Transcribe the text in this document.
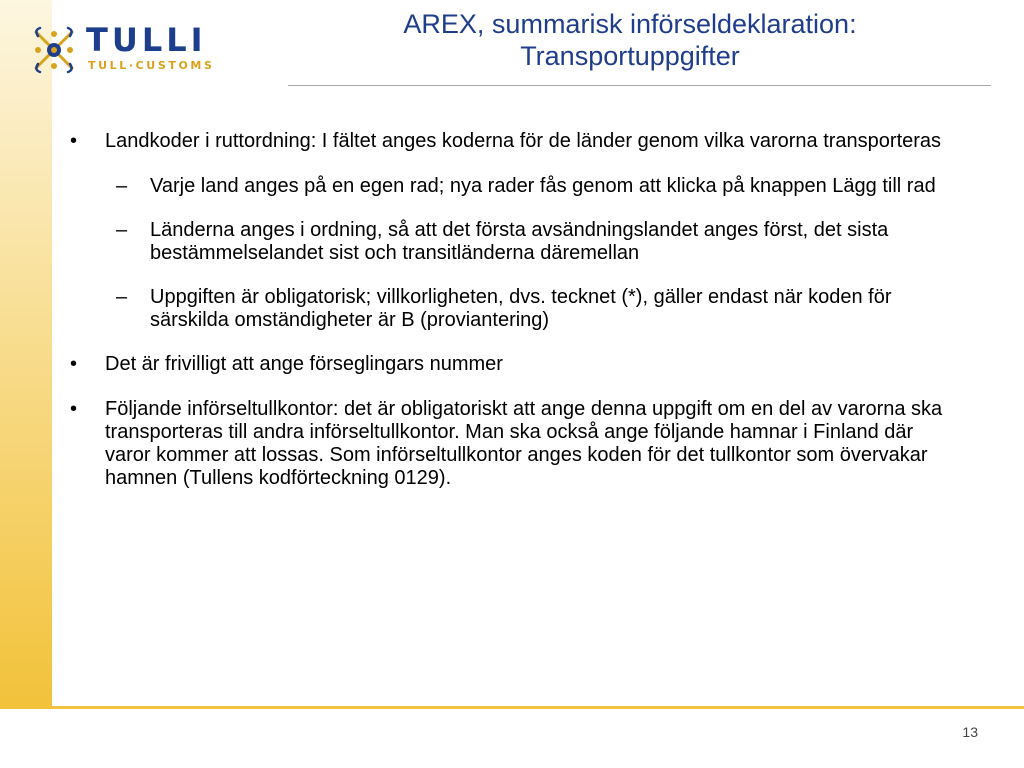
TULLI
TULL·CUSTOMS
AREX, summarisk införseldeklaration:
Transportuppgifter
• Landkoder i ruttordning: I fältet anges koderna för de länder genom vilka varorna transporteras
– Varje land anges på en egen rad; nya rader fås genom att klicka på knappen Lägg till rad
– Länderna anges i ordning, så att det första avsändningslandet anges först, det sista bestämmelselandet sist och transitländerna däremellan
– Uppgiften är obligatorisk; villkorligheten, dvs. tecknet (*), gäller endast när koden för särskilda omständigheter är B (proviantering)
• Det är frivilligt att ange förseglingars nummer
• Följande införseltullkontor: det är obligatoriskt att ange denna uppgift om en del av varorna ska transporteras till andra införseltullkontor. Man ska också ange följande hamnar i Finland där varor kommer att lossas. Som införseltullkontor anges koden för det tullkontor som övervakar hamnen (Tullens kodförteckning 0129).
13
